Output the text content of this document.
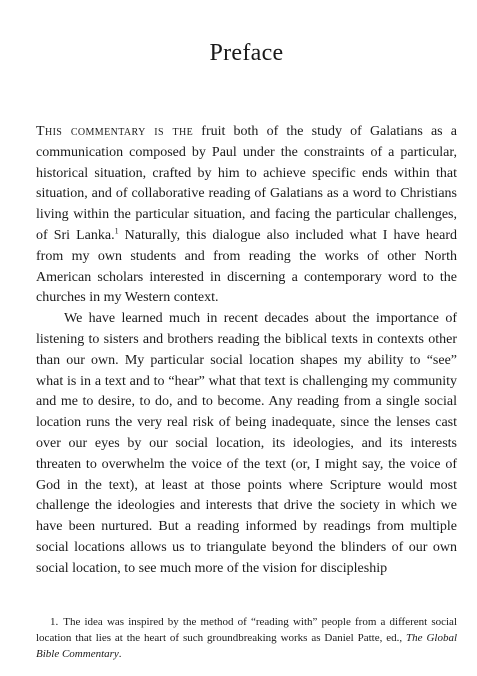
Preface

This commentary is the fruit both of the study of Galatians as a communication composed by Paul under the constraints of a particular, historical situation, crafted by him to achieve specific ends within that situation, and of collaborative reading of Galatians as a word to Christians living within the particular situation, and facing the particular challenges, of Sri Lanka.$^1$ Naturally, this dialogue also included what I have heard from my own students and from reading the works of other North American scholars interested in discerning a contemporary word to the churches in my Western context.

We have learned much in recent decades about the importance of listening to sisters and brothers reading the biblical texts in contexts other than our own. My particular social location shapes my ability to “see” what is in a text and to “hear” what that text is challenging my community and me to desire, to do, and to become. Any reading from a single social location runs the very real risk of being inadequate, since the lenses cast over our eyes by our social location, its ideologies, and its interests threaten to overwhelm the voice of the text (or, I might say, the voice of God in the text), at least at those points where Scripture would most challenge the ideologies and interests that drive the society in which we have been nurtured. But a reading informed by readings from multiple social locations allows us to triangulate beyond the blinders of our own social location, to see much more of the vision for discipleship

1. The idea was inspired by the method of “reading with” people from a different social location that lies at the heart of such groundbreaking works as Daniel Patte, ed., The Global Bible Commentary.
